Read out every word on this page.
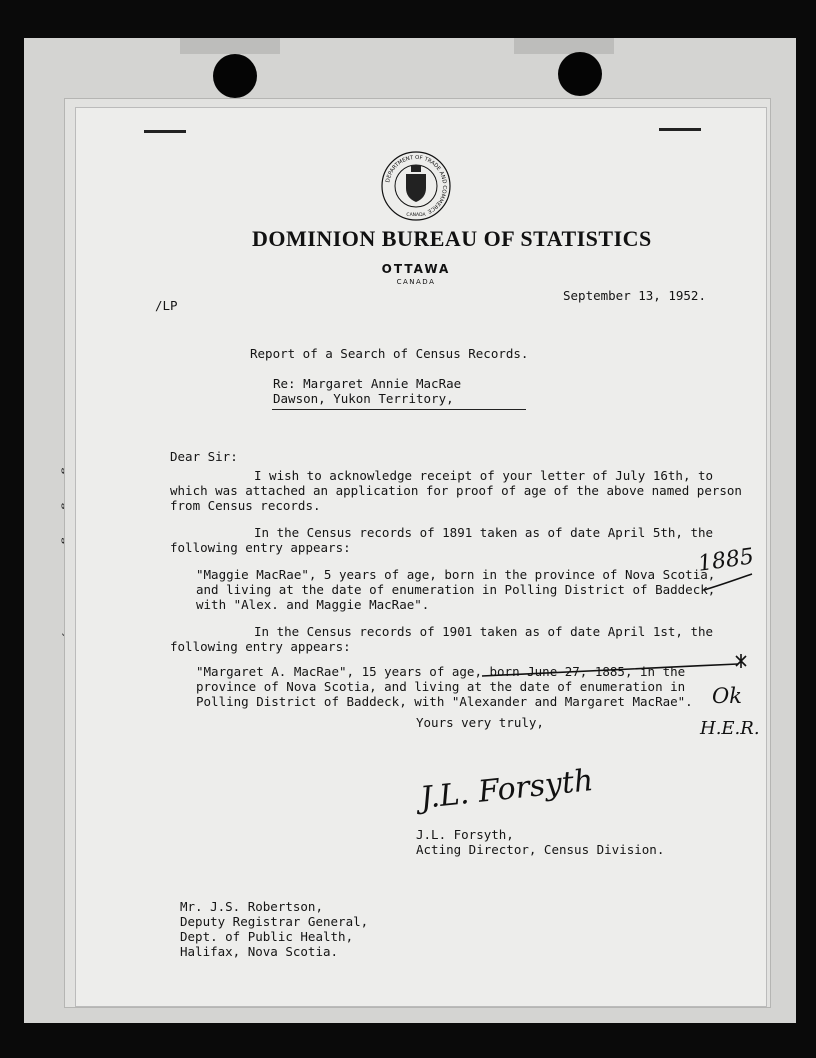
DEPARTMENT OF TRADE AND COMMERCE
CANADA
DOMINION BUREAU OF STATISTICS
OTTAWA
CANADA
/LP
September 13, 1952.
Report of a Search of Census Records.
Re: Margaret Annie MacRae
Dawson, Yukon Territory,
Dear Sir:
I wish to acknowledge receipt of your letter of July 16th, to
which was attached an application for proof of age of the above named person
from Census records.
In the Census records of 1891 taken as of date April 5th, the
following entry appears:
"Maggie MacRae", 5 years of age, born in the province of Nova Scotia,
and living at the date of enumeration in Polling District of Baddeck,
with "Alex. and Maggie MacRae".
In the Census records of 1901 taken as of date April 1st, the
following entry appears:
"Margaret A. MacRae", 15 years of age, born June 27, 1885, in the
province of Nova Scotia, and living at the date of enumeration in
Polling District of Baddeck, with "Alexander and Margaret MacRae".
1885
Ok
H.E.R.
Yours very truly,
J.L. Forsyth
J.L. Forsyth,
Acting Director, Census Division.
Mr. J.S. Robertson,
Deputy Registrar General,
Dept. of Public Health,
Halifax, Nova Scotia.
